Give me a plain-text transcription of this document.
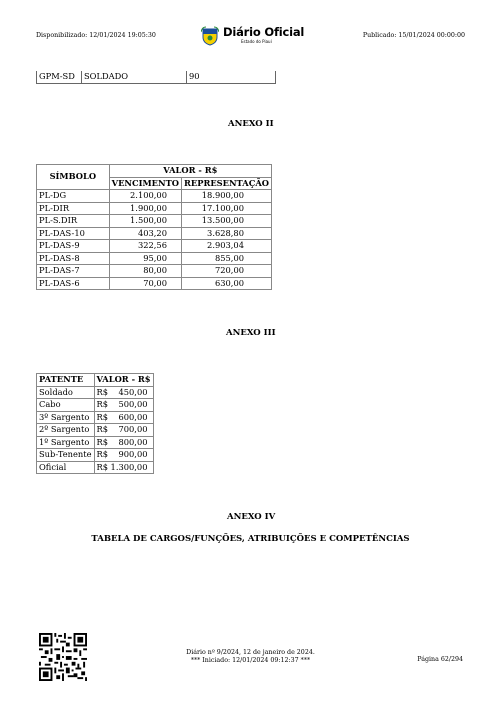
Disponibilizado: 12/01/2024 19:05:30	Diário Oficial
Estado do Piauí
Publicado: 15/01/2024 00:00:00
GPM-SD	SOLDADO	90
ANEXO II
SÍMBOLO	VALOR - R$	
	VENCIMENTO	REPRESENTAÇÃO
PL-DG	2.100,00	18.900,00
PL-DIR	1.900,00	17.100,00
PL-S.DIR	1.500,00	13.500,00
PL-DAS-10	403,20	3.628,80
PL-DAS-9	322,56	2.903,04
PL-DAS-8	95,00	855,00
PL-DAS-7	80,00	720,00
PL-DAS-6	70,00	630,00
ANEXO III
PATENTE	VALOR - R$
Soldado	R$ 450,00

Cabo	R$ 500,00

3º Sargento	R$ 600,00

2º Sargento	R$ 700,00

1º Sargento	R$ 800,00

Sub-Tenente	R$ 900,00

Oficial	R$ 1.300,00
ANEXO IV
TABELA DE CARGOS/FUNÇÕES, ATRIBUIÇÕES E COMPETÊNCIAS
Diário nº 9/2024, 12 de janeiro de 2024.
*** Iniciado: 12/01/2024 09:12:37 ***	Página 62/294
